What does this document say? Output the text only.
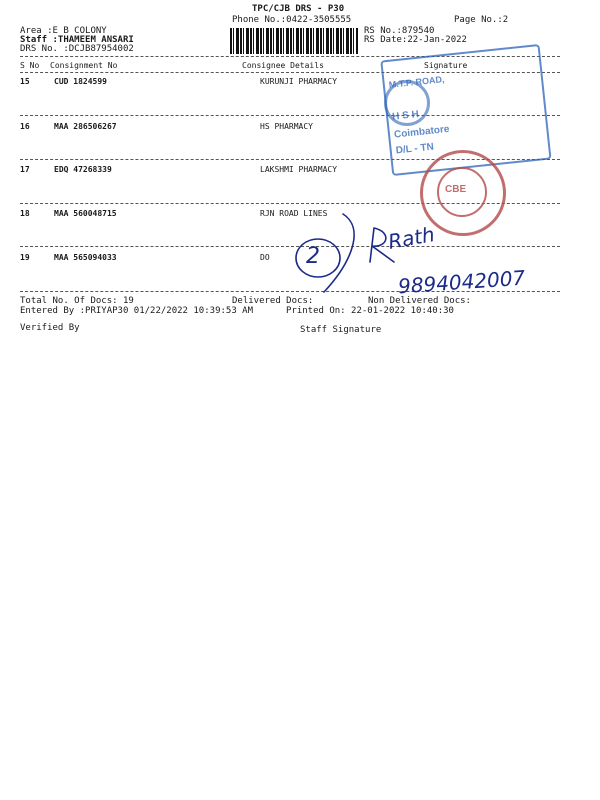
TPC/CJB DRS - P30
Phone No.:0422-3505555	Page No.:2
Area :E B COLONY
Staff :THAMEEM ANSARI
DRS No. :DCJB87954002
RS No.:879540
RS Date:22-Jan-2022
S No Consignment No	Consignee Details	Signature
15	CUD 1824599	KURUNJI PHARMACY
16	MAA 286506267	HS PHARMACY
17	EDQ 47268339	LAKSHMI PHARMACY
18	MAA 560048715	RJN ROAD LINES
19	MAA 565094033	DO
Total No. Of Docs: 19	Delivered Docs:	Non Delivered Docs:
Entered By :PRIYAP30 01/22/2022 10:39:53 AM	Printed On: 22-01-2022 10:40:30
Verified By	Staff Signature
M.T.P. ROAD,
H S H
Coimbatore
D/L - TN
CBE
2
Rath
9894042007
